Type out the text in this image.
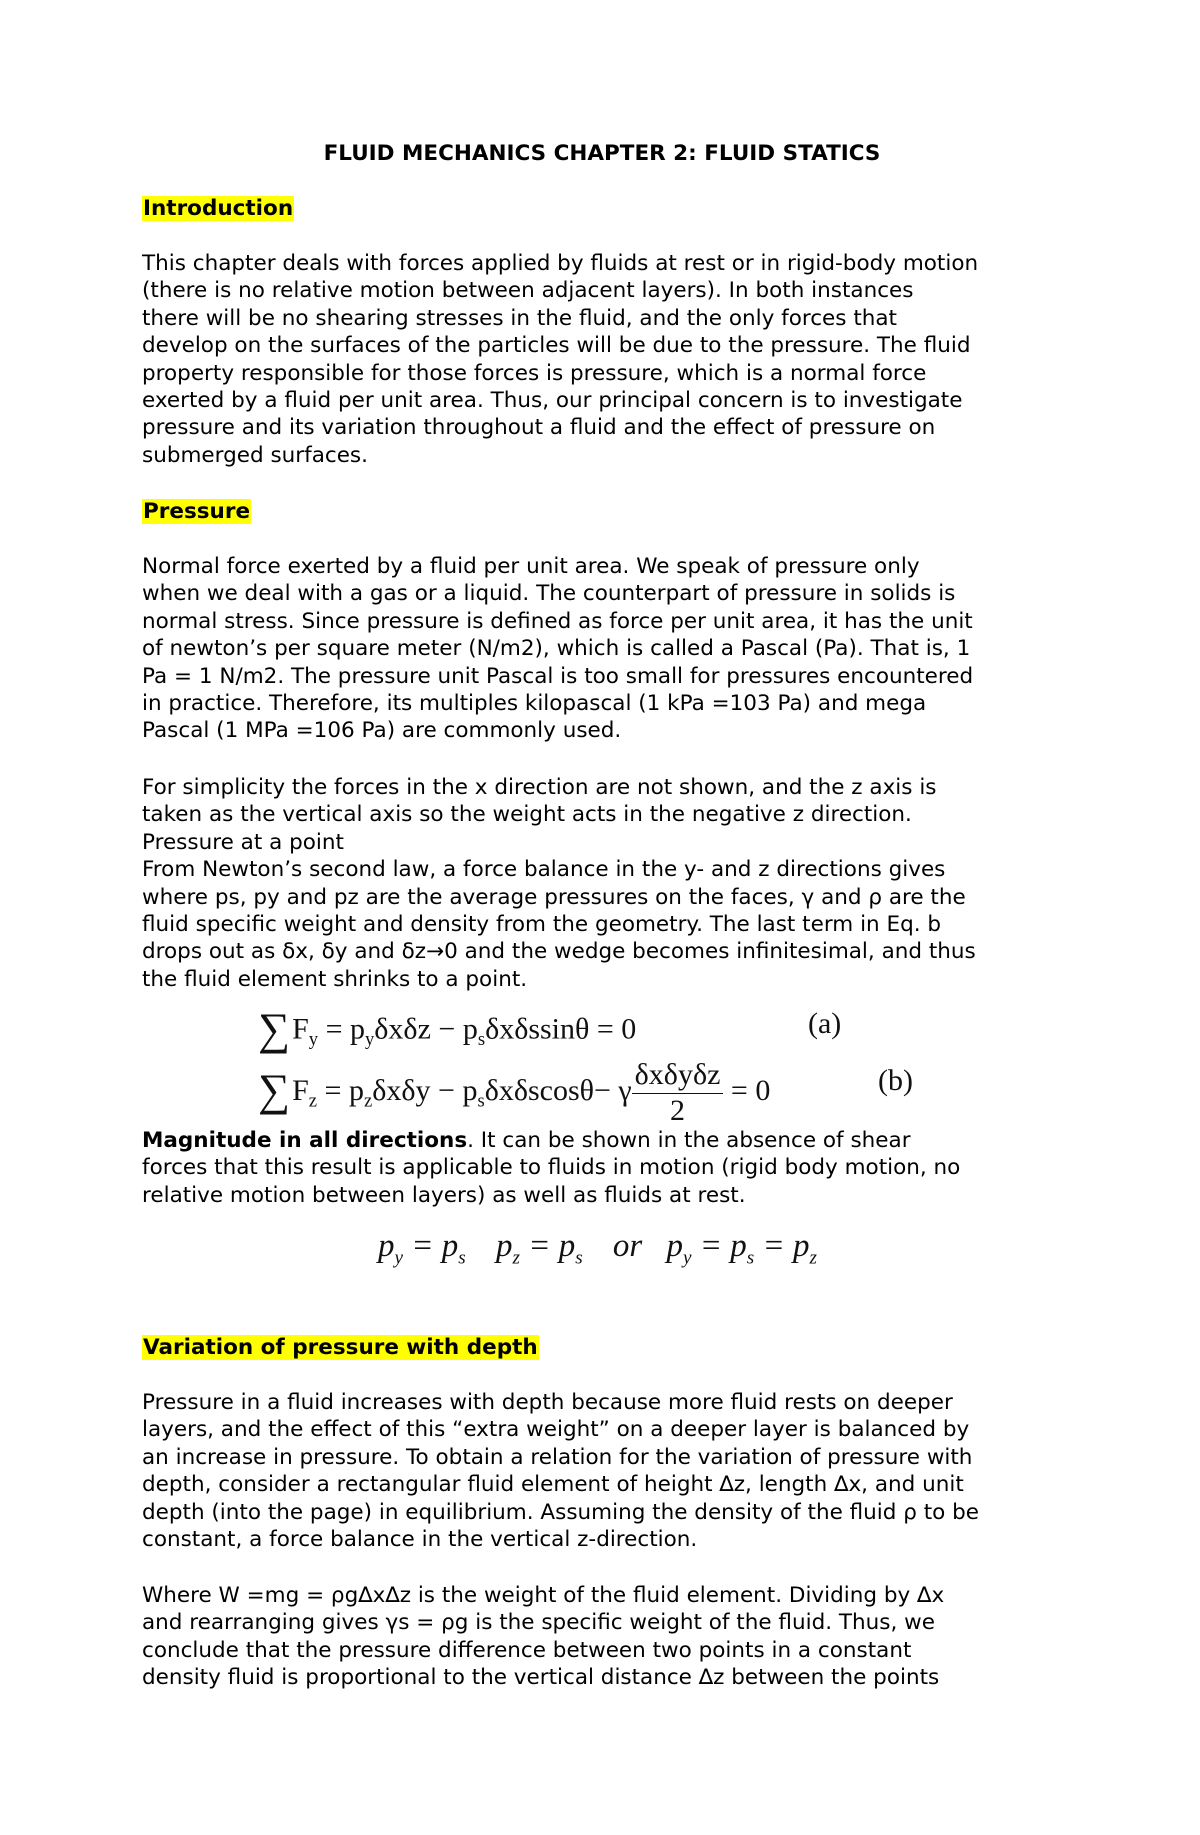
FLUID MECHANICS CHAPTER 2: FLUID STATICS
Introduction
This chapter deals with forces applied by fluids at rest or in rigid-body motion
(there is no relative motion between adjacent layers). In both instances
there will be no shearing stresses in the fluid, and the only forces that
develop on the surfaces of the particles will be due to the pressure. The fluid
property responsible for those forces is pressure, which is a normal force
exerted by a fluid per unit area. Thus, our principal concern is to investigate
pressure and its variation throughout a fluid and the effect of pressure on
submerged surfaces.
Pressure
Normal force exerted by a fluid per unit area. We speak of pressure only
when we deal with a gas or a liquid. The counterpart of pressure in solids is
normal stress. Since pressure is defined as force per unit area, it has the unit
of newton’s per square meter (N/m2), which is called a Pascal (Pa). That is, 1
Pa = 1 N/m2. The pressure unit Pascal is too small for pressures encountered
in practice. Therefore, its multiples kilopascal (1 kPa =103 Pa) and mega
Pascal (1 MPa =106 Pa) are commonly used.
For simplicity the forces in the x direction are not shown, and the z axis is
taken as the vertical axis so the weight acts in the negative z direction.
Pressure at a point
From Newton’s second law, a force balance in the y- and z directions gives
where ps, py and pz are the average pressures on the faces, γ and ρ are the
fluid specific weight and density from the geometry. The last term in Eq. b
drops out as δx, δy and δz→0 and the wedge becomes infinitesimal, and thus
the fluid element shrinks to a point.
$\sum F_y = p_y\delta x\delta z - p_s\delta x\delta ssin\theta = 0$	(a)
$\sum F_z = p_z\delta x\delta y - p_s\delta x\delta scos\theta- \gamma \frac{\text{δxδyδz}}{2} = 0$	(b)
Magnitude in all directions. It can be shown in the absence of shear
forces that this result is applicable to fluids in motion (rigid body motion, no
relative motion between layers) as well as fluids at rest.
$p_y = p_s$ $p_z = p_s$ or $p_y = p_s = p_z$
Variation of pressure with depth
Pressure in a fluid increases with depth because more fluid rests on deeper
layers, and the effect of this “extra weight” on a deeper layer is balanced by
an increase in pressure. To obtain a relation for the variation of pressure with
depth, consider a rectangular fluid element of height ∆z, length ∆x, and unit
depth (into the page) in equilibrium. Assuming the density of the fluid ρ to be
constant, a force balance in the vertical z-direction.
Where W =mg = ρg∆x∆z is the weight of the fluid element. Dividing by ∆x
and rearranging gives γs = ρg is the specific weight of the fluid. Thus, we
conclude that the pressure difference between two points in a constant
density fluid is proportional to the vertical distance ∆z between the points
